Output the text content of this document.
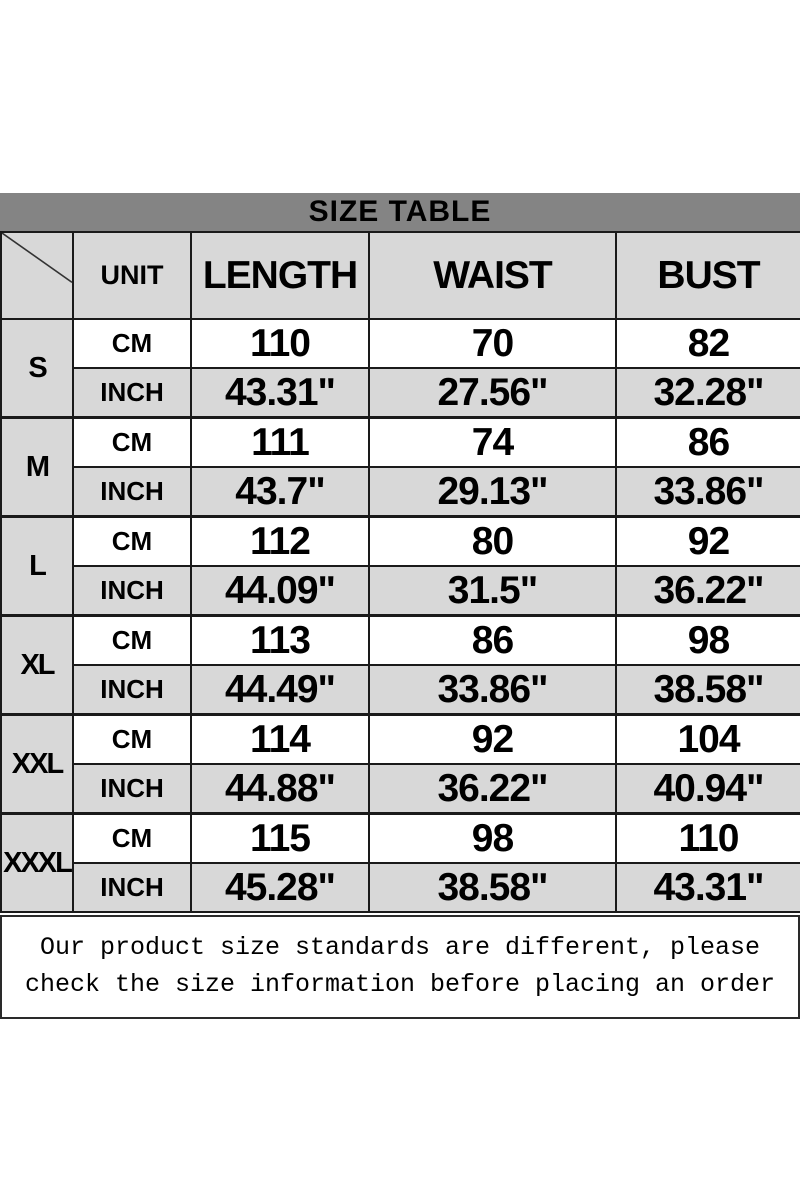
SIZE TABLE
	UNIT	LENGTH	WAIST	BUST
S	CM	110	70	82
	INCH	43.31"	27.56"	32.28"
M	CM	111	74	86
	INCH	43.7"	29.13"	33.86"
L	CM	112	80	92
	INCH	44.09"	31.5"	36.22"
XL	CM	113	86	98
	INCH	44.49"	33.86"	38.58"
XXL	CM	114	92	104
	INCH	44.88"	36.22"	40.94"
XXXL	CM	115	98	110
	INCH	45.28"	38.58"	43.31"
Our product size standards are different, please
check the size information before placing an order
